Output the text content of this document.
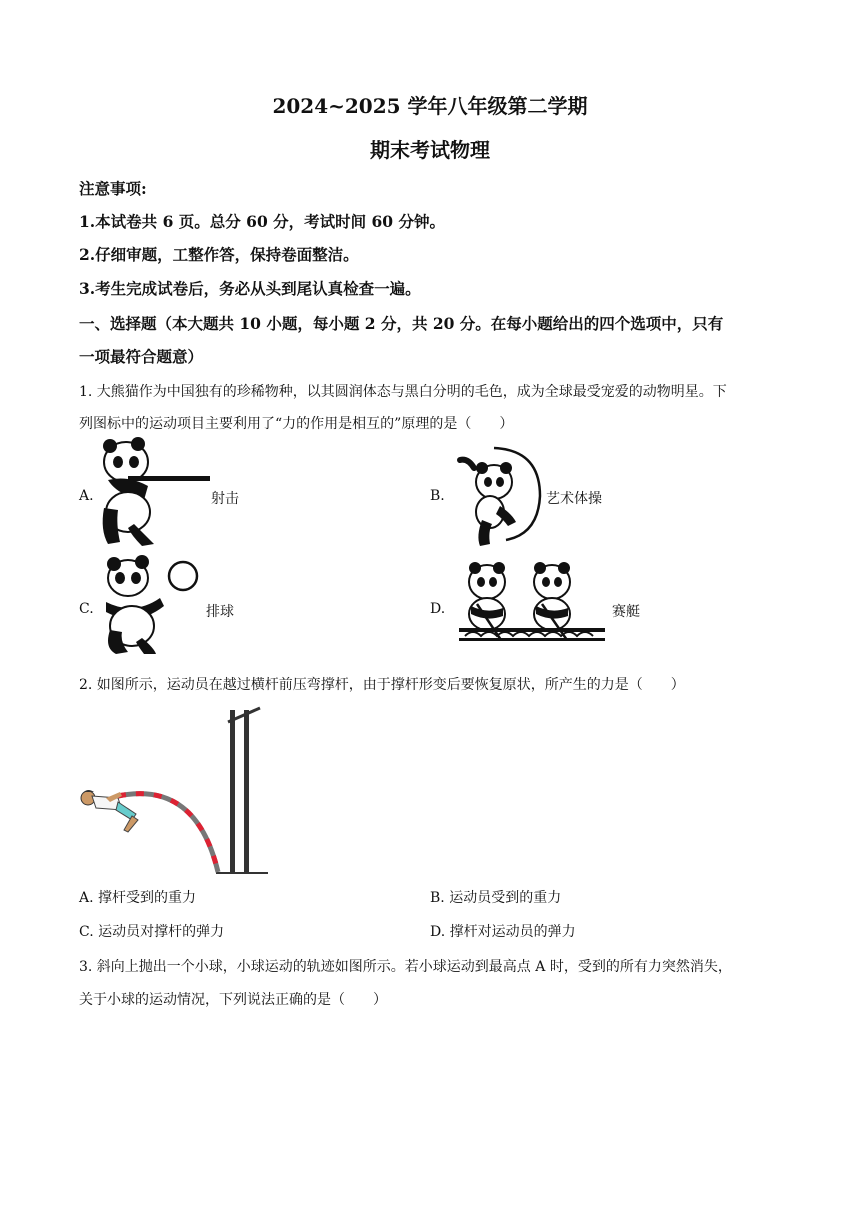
2024~2025 学年八年级第二学期
期末考试物理
注意事项:
1.本试卷共 6 页。总分 60 分，考试时间 60 分钟。
2.仔细审题，工整作答，保持卷面整洁。
3.考生完成试卷后，务必从头到尾认真检查一遍。
一、选择题（本大题共 10 小题，每小题 2 分，共 20 分。在每小题给出的四个选项中，只有
一项最符合题意）
1. 大熊猫作为中国独有的珍稀物种，以其圆润体态与黑白分明的毛色，成为全球最受宠爱的动物明星。下
列图标中的运动项目主要利用了“力的作用是相互的”原理的是（　　）
A.	射击	B.	艺术体操
C.	排球	D.	赛艇
2. 如图所示，运动员在越过横杆前压弯撑杆，由于撑杆形变后要恢复原状，所产生的力是（　　）
A. 撑杆受到的重力	B. 运动员受到的重力
C. 运动员对撑杆的弹力	D. 撑杆对运动员的弹力
3. 斜向上抛出一个小球，小球运动的轨迹如图所示。若小球运动到最高点 A 时，受到的所有力突然消失，
关于小球的运动情况，下列说法正确的是（　　）
